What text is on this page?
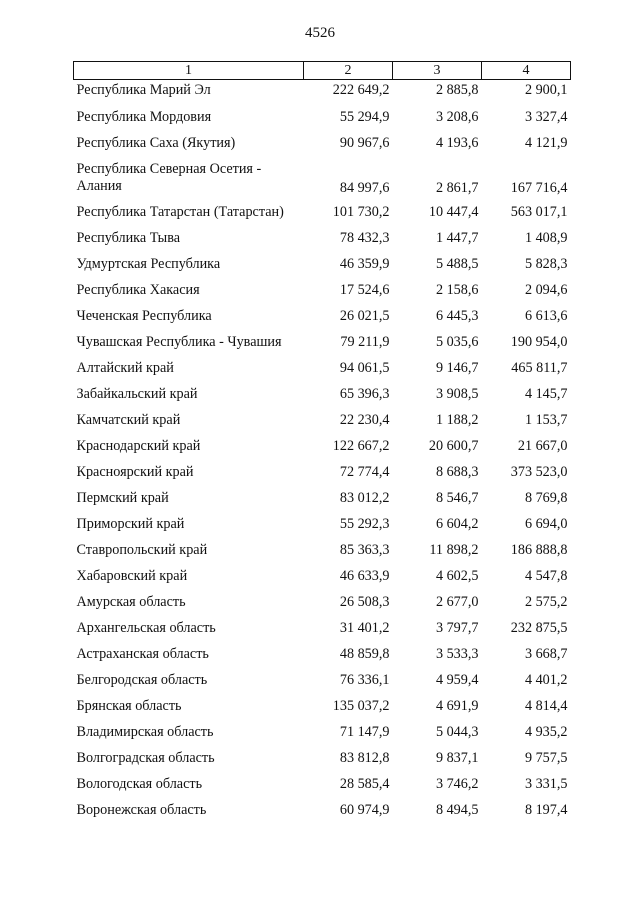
4526
1	2	3	4
Республика Марий Эл	222 649,2	2 885,8	2 900,1
Республика Мордовия	55 294,9	3 208,6	3 327,4
Республика Саха (Якутия)	90 967,6	4 193,6	4 121,9
Республика Северная Осетия - Алания	84 997,6	2 861,7	167 716,4
Республика Татарстан (Татарстан)	101 730,2	10 447,4	563 017,1
Республика Тыва	78 432,3	1 447,7	1 408,9
Удмуртская Республика	46 359,9	5 488,5	5 828,3
Республика Хакасия	17 524,6	2 158,6	2 094,6
Чеченская Республика	26 021,5	6 445,3	6 613,6
Чувашская Республика - Чувашия	79 211,9	5 035,6	190 954,0
Алтайский край	94 061,5	9 146,7	465 811,7
Забайкальский край	65 396,3	3 908,5	4 145,7
Камчатский край	22 230,4	1 188,2	1 153,7
Краснодарский край	122 667,2	20 600,7	21 667,0
Красноярский край	72 774,4	8 688,3	373 523,0
Пермский край	83 012,2	8 546,7	8 769,8
Приморский край	55 292,3	6 604,2	6 694,0
Ставропольский край	85 363,3	11 898,2	186 888,8
Хабаровский край	46 633,9	4 602,5	4 547,8
Амурская область	26 508,3	2 677,0	2 575,2
Архангельская область	31 401,2	3 797,7	232 875,5
Астраханская область	48 859,8	3 533,3	3 668,7
Белгородская область	76 336,1	4 959,4	4 401,2
Брянская область	135 037,2	4 691,9	4 814,4
Владимирская область	71 147,9	5 044,3	4 935,2
Волгоградская область	83 812,8	9 837,1	9 757,5
Вологодская область	28 585,4	3 746,2	3 331,5
Воронежская область	60 974,9	8 494,5	8 197,4
